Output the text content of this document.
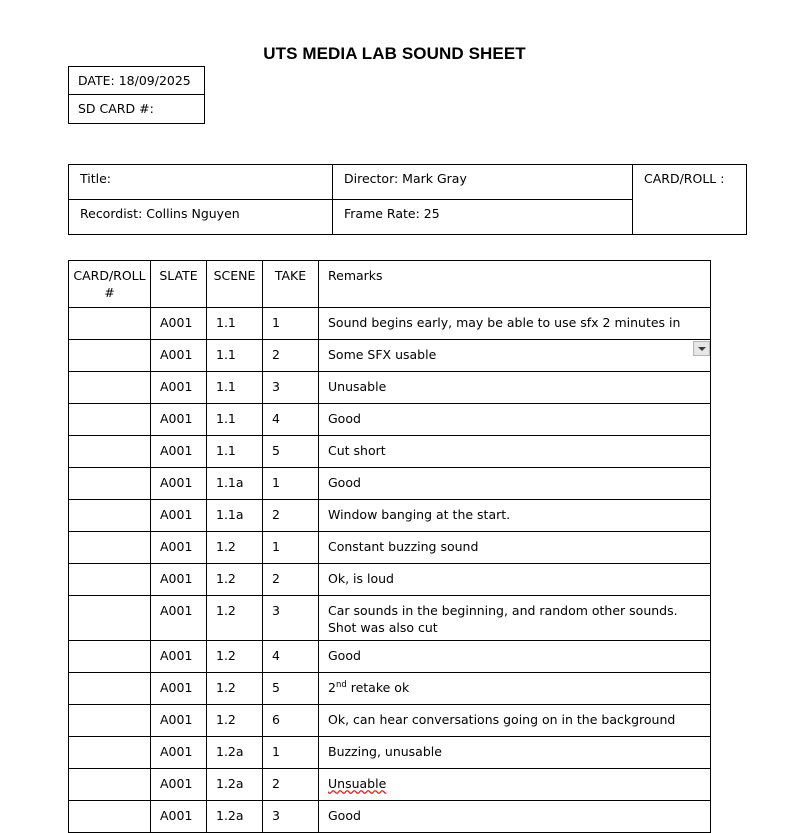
UTS MEDIA LAB SOUND SHEET
DATE: 18/09/2025
SD CARD #:
Title:	Director: Mark Gray	CARD/ROLL :
Recordist: Collins Nguyen	Frame Rate: 25	
CARD/ROLL #	SLATE	SCENE	TAKE	Remarks
	A001	1.1	1	Sound begins early, may be able to use sfx 2 minutes in
	A001	1.1	2	Some SFX usable
	A001	1.1	3	Unusable
	A001	1.1	4	Good
	A001	1.1	5	Cut short
	A001	1.1a	1	Good
	A001	1.1a	2	Window banging at the start.
	A001	1.2	1	Constant buzzing sound
	A001	1.2	2	Ok, is loud
	A001	1.2	3	Car sounds in the beginning, and random other sounds. Shot was also cut
	A001	1.2	4	Good
	A001	1.2	5	2nd retake ok
	A001	1.2	6	Ok, can hear conversations going on in the background
	A001	1.2a	1	Buzzing, unusable
	A001	1.2a	2	Unsuable
	A001	1.2a	3	Good
